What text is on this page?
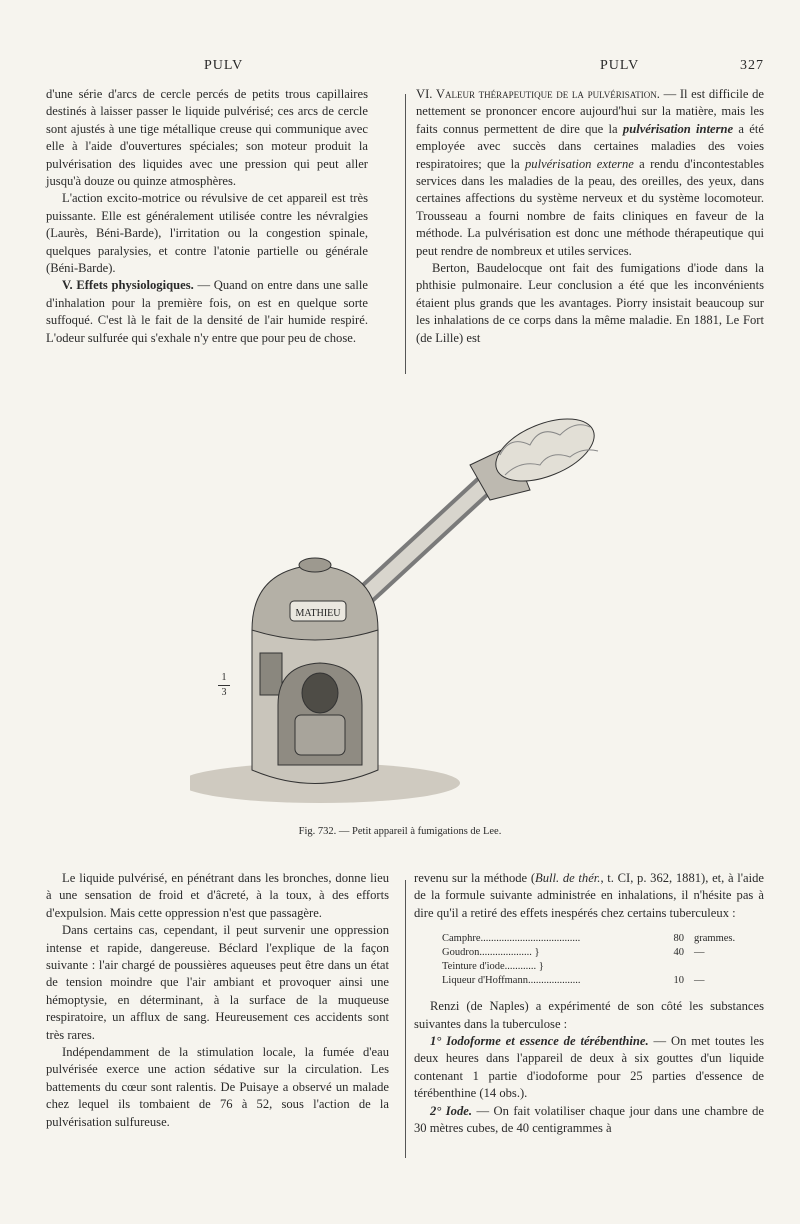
PULV	PULV	327

d'une série d'arcs de cercle percés de petits trous capillaires destinés à laisser passer le liquide pulvérisé; ces arcs de cercle sont ajustés à une tige métallique creuse qui communique avec elle à l'aide d'ouvertures spéciales; son moteur produit la pulvérisation des liquides avec une pression qui peut aller jusqu'à douze ou quinze atmosphères.

L'action excito-motrice ou révulsive de cet appareil est très puissante. Elle est généralement utilisée contre les névralgies (Laurès, Béni-Barde), l'irritation ou la congestion spinale, quelques paralysies, et contre l'atonie partielle ou générale (Béni-Barde).

V. Effets physiologiques. — Quand on entre dans une salle d'inhalation pour la première fois, on est en quelque sorte suffoqué. C'est là le fait de la densité de l'air humide respiré. L'odeur sulfurée qui s'exhale n'y entre que pour peu de chose.

VI. Valeur thérapeutique de la pulvérisation. — Il est difficile de nettement se prononcer encore aujourd'hui sur la matière, mais les faits connus permettent de dire que la pulvérisation interne a été employée avec succès dans certaines maladies des voies respiratoires; que la pulvérisation externe a rendu d'incontestables services dans les maladies de la peau, des oreilles, des yeux, dans certaines affections du système nerveux et du système locomoteur. Trousseau a fourni nombre de faits cliniques en faveur de la méthode. La pulvérisation est donc une méthode thérapeutique qui peut rendre de nombreux et utiles services.

Berton, Baudelocque ont fait des fumigations d'iode dans la phthisie pulmonaire. Leur conclusion a été que les inconvénients étaient plus grands que les avantages. Piorry insistait beaucoup sur les inhalations de ce corps dans la même maladie. En 1881, Le Fort (de Lille) est

MATHIEU
1
3
Fig. 732. — Petit appareil à fumigations de Lee.

Le liquide pulvérisé, en pénétrant dans les bronches, donne lieu à une sensation de froid et d'âcreté, à la toux, à des efforts d'expulsion. Mais cette oppression n'est que passagère.

Dans certains cas, cependant, il peut survenir une oppression intense et rapide, dangereuse. Béclard l'explique de la façon suivante : l'air chargé de poussières aqueuses peut être dans un état de tension moindre que l'air ambiant et provoquer ainsi une hémoptysie, en déterminant, à la surface de la muqueuse respiratoire, un afflux de sang. Heureusement ces accidents sont très rares.

Indépendamment de la stimulation locale, la fumée d'eau pulvérisée exerce une action sédative sur la circulation. Les battements du cœur sont ralentis. De Puisaye a observé un malade chez lequel ils tombaient de 76 à 52, sous l'action de la pulvérisation sulfureuse.

revenu sur la méthode (Bull. de thér., t. CI, p. 362, 1881), et, à l'aide de la formule suivante administrée en inhalations, il n'hésite pas à dire qu'il a retiré des effets inespérés chez certains tuberculeux :

Camphre......................................	80 grammes.
Goudron.................... }	40 —
Teinture d'iode............ }
Liqueur d'Hoffmann....................	10 —

Renzi (de Naples) a expérimenté de son côté les substances suivantes dans la tuberculose :

1° Iodoforme et essence de térébenthine. — On met toutes les deux heures dans l'appareil de deux à six gouttes d'un liquide contenant 1 partie d'iodoforme pour 25 parties d'essence de térébenthine (14 obs.).

2° Iode. — On fait volatiliser chaque jour dans une chambre de 30 mètres cubes, de 40 centigrammes à
